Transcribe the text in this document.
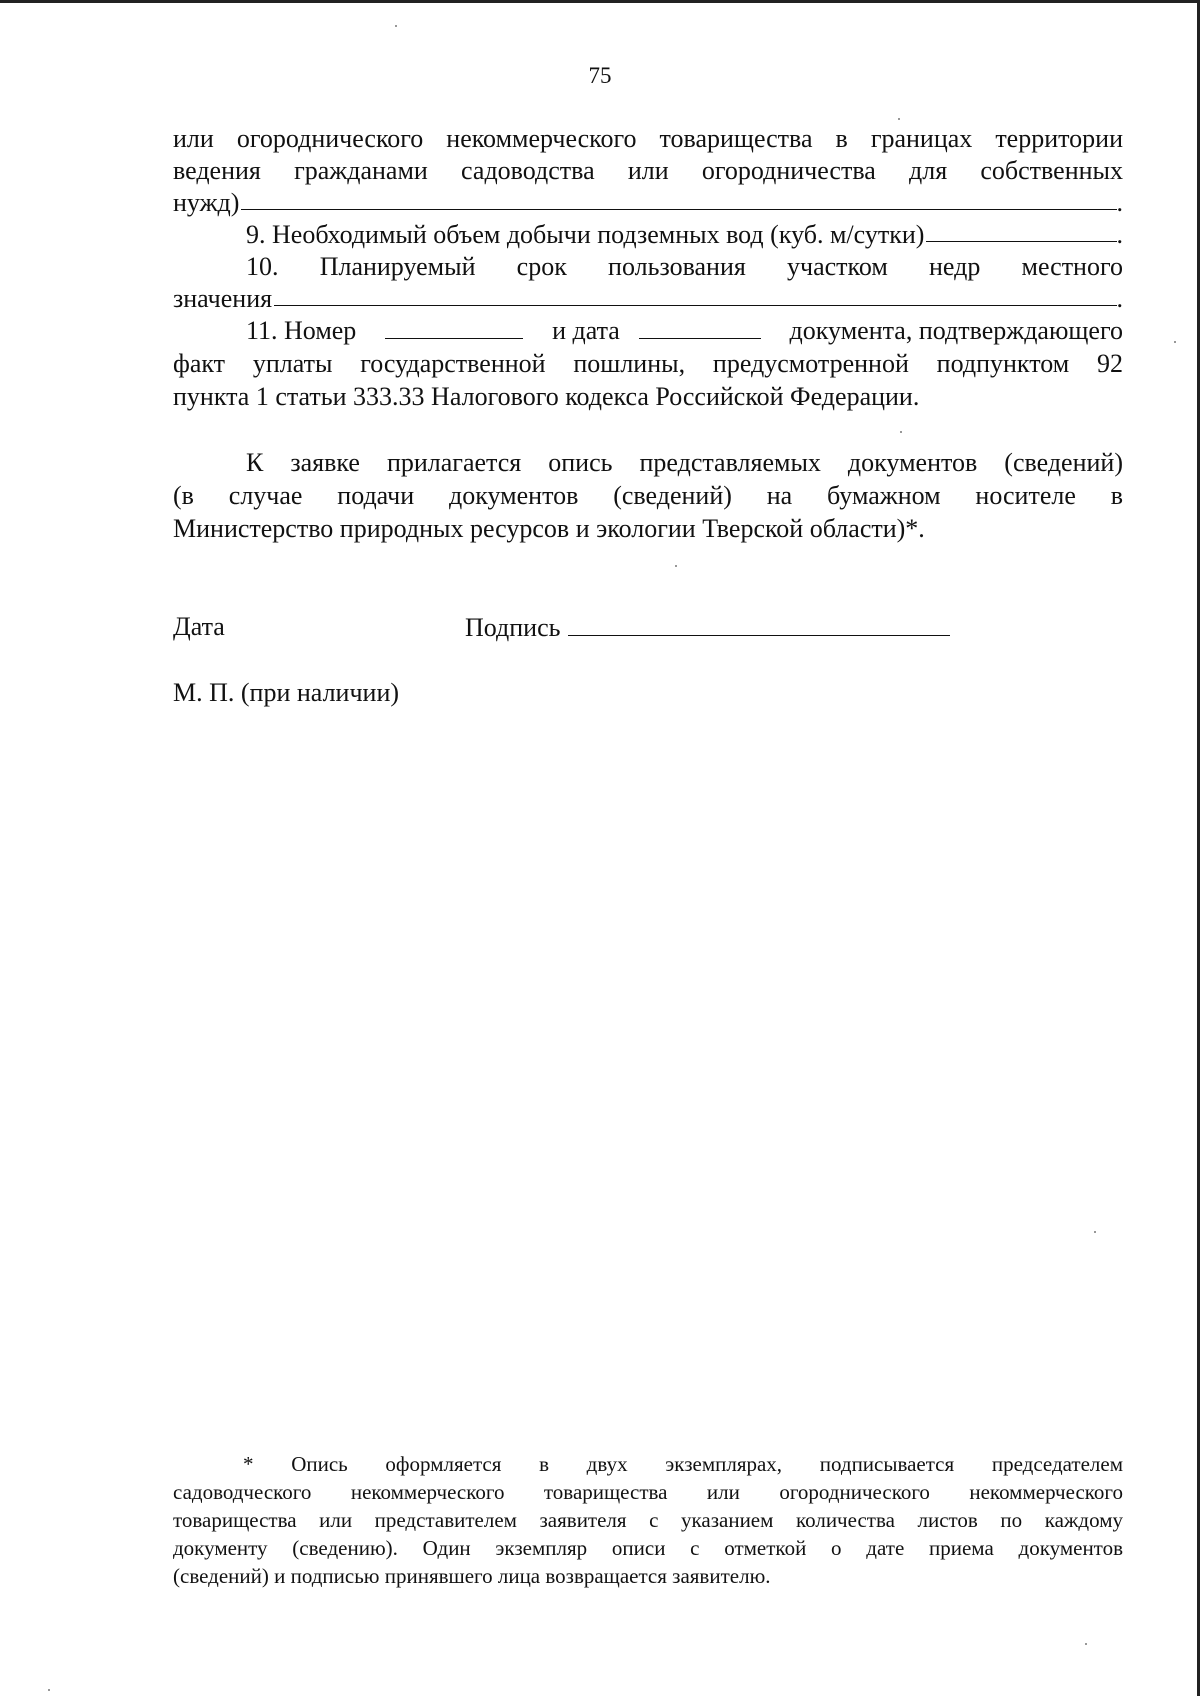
75
или огороднического некоммерческого товарищества в границах территории
ведения гражданами садоводства или огородничества для собственных
нужд)	.
9. Необходимый объем добычи подземных вод (куб. м/сутки)	.
10. Планируемый срок пользования участком недр местного
значения	.
11. Номер	и дата	документа, подтверждающего
факт уплаты государственной пошлины, предусмотренной подпунктом 92
пункта 1 статьи 333.33 Налогового кодекса Российской Федерации.
К заявке прилагается опись представляемых документов (сведений)
(в случае подачи документов (сведений) на бумажном носителе в
Министерство природных ресурсов и экологии Тверской области)*.
Дата	Подпись
М. П. (при наличии)
* Опись оформляется в двух экземплярах, подписывается председателем
садоводческого некоммерческого товарищества или огороднического некоммерческого
товарищества или представителем заявителя с указанием количества листов по каждому
документу (сведению). Один экземпляр описи с отметкой о дате приема документов
(сведений) и подписью принявшего лица возвращается заявителю.
